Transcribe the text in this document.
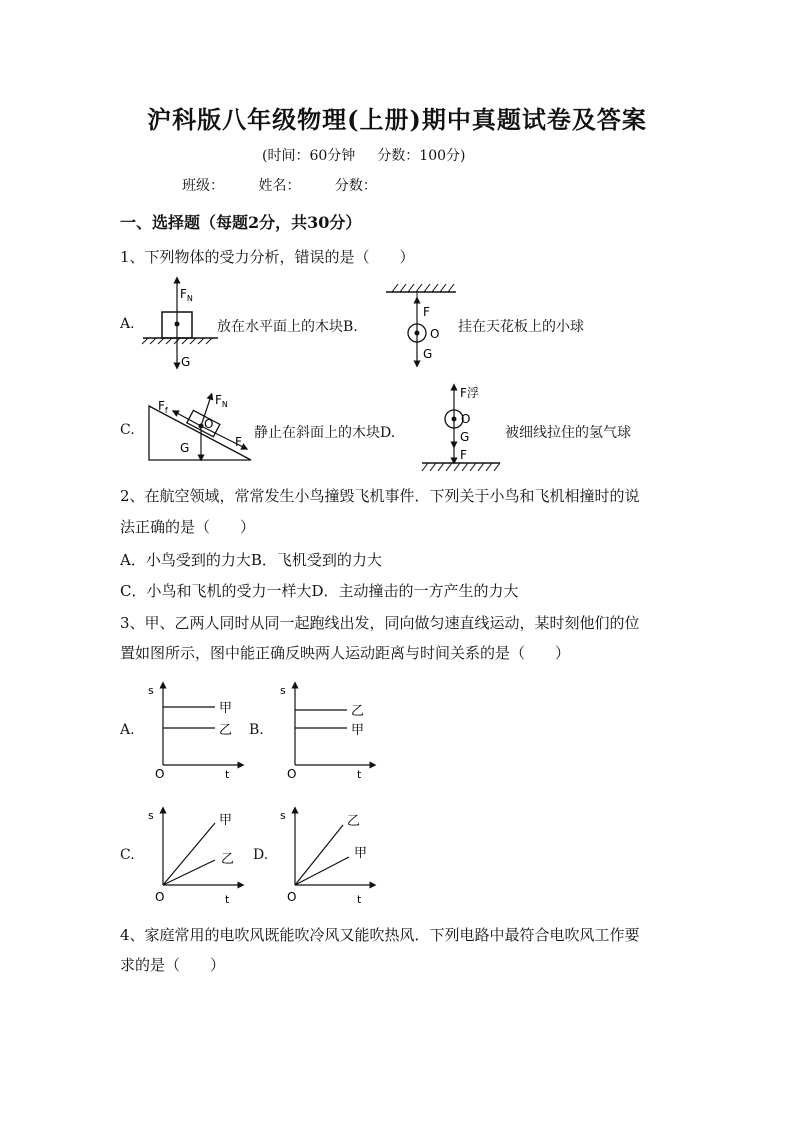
沪科版八年级物理(上册)期中真题试卷及答案
(时间：60分钟 分数：100分)
班级： 姓名： 分数：
一、选择题（每题2分，共30分）
1、下列物体的受力分析，错误的是（　　）
A.
$F_N$
G
放在水平面上的木块B.
F
O
G
挂在天花板上的小球
C.
$F_f$
$F_N$
O
G	F
静止在斜面上的木块D.
F浮
O
G
F
被细线拉住的氢气球
2、在航空领域，常常发生小鸟撞毁飞机事件．下列关于小鸟和飞机相撞时的说
法正确的是（　　）
A．小鸟受到的力大B．飞机受到的力大
C．小鸟和飞机的受力一样大D．主动撞击的一方产生的力大
3、甲、乙两人同时从同一起跑线出发，同向做匀速直线运动，某时刻他们的位
置如图所示，图中能正确反映两人运动距离与时间关系的是（　　）
A.
s
t
O
甲
乙 B.
s
t
O
乙
甲
C.
s
t
O
甲
乙 D.
s
t
O
乙
甲
4、家庭常用的电吹风既能吹冷风又能吹热风．下列电路中最符合电吹风工作要
求的是（　　）
